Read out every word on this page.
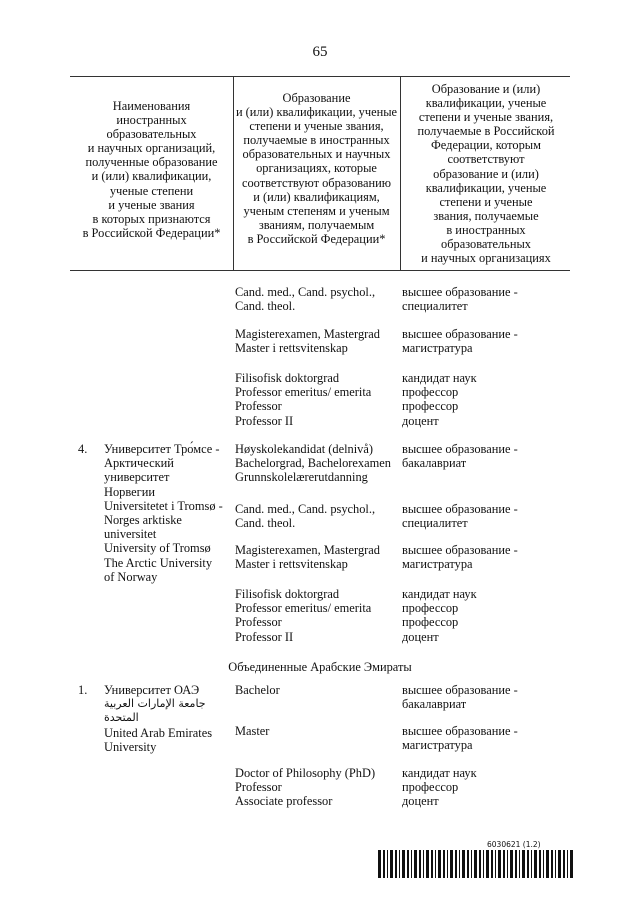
65
Наименования
иностранных
образовательных
и научных организаций,
полученные образование
и (или) квалификации,
ученые степени
и ученые звания
в которых признаются
в Российской Федерации*
Образование
и (или) квалификации, ученые
степени и ученые звания,
получаемые в иностранных
образовательных и научных
организациях, которые
соответствуют образованию
и (или) квалификациям,
ученым степеням и ученым
званиям, получаемым
в Российской Федерации*
Образование и (или)
квалификации, ученые
степени и ученые звания,
получаемые в Российской
Федерации, которым
соответствуют
образование и (или)
квалификации, ученые
степени и ученые
звания, получаемые
в иностранных
образовательных
и научных организациях
Cand. med., Cand. psychol.,
Cand. theol.
высшее образование -
специалитет
Magisterexamen, Mastergrad
Master i rettsvitenskap
высшее образование -
магистратура
Filisofisk doktorgrad
Professor emeritus/ emerita
Professor
Professor II
кандидат наук
профессор
профессор
доцент
4. Университет Тро́мсе -
Арктический
университет
Норвегии
Universitetet i Tromsø -
Norges arktiske
universitet
University of Tromsø
The Arctic University
of Norway
Høyskolekandidat (delnivå)
Bachelorgrad, Bachelorexamen
Grunnskolelærerutdanning
высшее образование -
бакалавриат
Cand. med., Cand. psychol.,
Cand. theol.
высшее образование -
специалитет
Magisterexamen, Mastergrad
Master i rettsvitenskap
высшее образование -
магистратура
Filisofisk doktorgrad
Professor emeritus/ emerita
Professor
Professor II
кандидат наук
профессор
профессор
доцент
Объединенные Арабские Эмираты
1. Университет ОАЭ
جامعة الإمارات العربية المتحدة
United Arab Emirates
University
Bachelor	высшее образование -
бакалавриат
Master	высшее образование -
магистратура
Doctor of Philosophy (PhD)
Professor
Associate professor
кандидат наук
профессор
доцент
6030621 (1.2)
